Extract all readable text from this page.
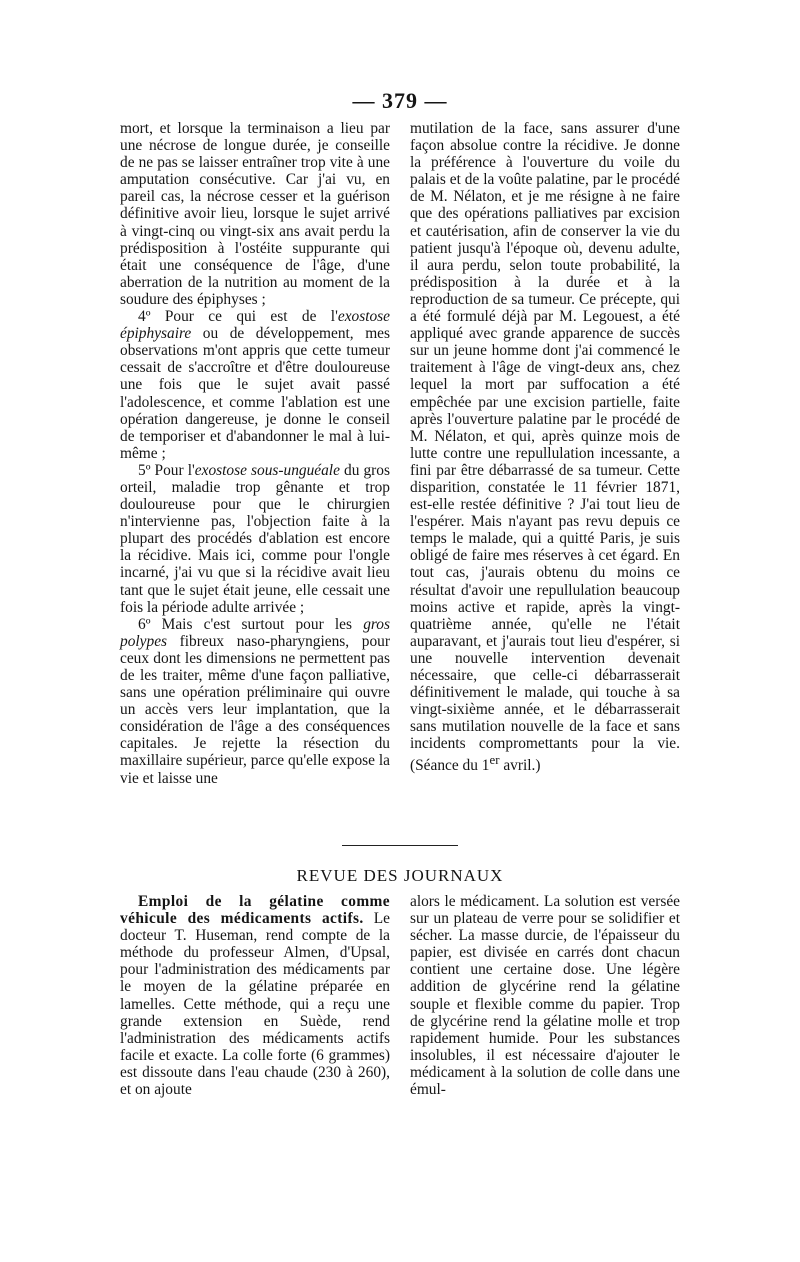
— 379 —

mort, et lorsque la terminaison a lieu par une nécrose de longue durée, je conseille de ne pas se laisser entraîner trop vite à une amputation consécutive. Car j'ai vu, en pareil cas, la nécrose cesser et la guérison définitive avoir lieu, lorsque le sujet arrivé à vingt-cinq ou vingt-six ans avait perdu la prédisposition à l'ostéite suppurante qui était une conséquence de l'âge, d'une aberration de la nutrition au moment de la soudure des épiphyses ;

4º Pour ce qui est de l'exostose épiphysaire ou de développement, mes observations m'ont appris que cette tumeur cessait de s'accroître et d'être douloureuse une fois que le sujet avait passé l'adolescence, et comme l'ablation est une opération dangereuse, je donne le conseil de temporiser et d'abandonner le mal à lui-même ;

5º Pour l'exostose sous-unguéale du gros orteil, maladie trop gênante et trop douloureuse pour que le chirurgien n'intervienne pas, l'objection faite à la plupart des procédés d'ablation est encore la récidive. Mais ici, comme pour l'ongle incarné, j'ai vu que si la récidive avait lieu tant que le sujet était jeune, elle cessait une fois la période adulte arrivée ;

6º Mais c'est surtout pour les gros polypes fibreux naso-pharyngiens, pour ceux dont les dimensions ne permettent pas de les traiter, même d'une façon palliative, sans une opération préliminaire qui ouvre un accès vers leur implantation, que la considération de l'âge a des conséquences capitales. Je rejette la résection du maxillaire supérieur, parce qu'elle expose la vie et laisse une

mutilation de la face, sans assurer d'une façon absolue contre la récidive. Je donne la préférence à l'ouverture du voile du palais et de la voûte palatine, par le procédé de M. Nélaton, et je me résigne à ne faire que des opérations palliatives par excision et cautérisation, afin de conserver la vie du patient jusqu'à l'époque où, devenu adulte, il aura perdu, selon toute probabilité, la prédisposition à la durée et à la reproduction de sa tumeur. Ce précepte, qui a été formulé déjà par M. Legouest, a été appliqué avec grande apparence de succès sur un jeune homme dont j'ai commencé le traitement à l'âge de vingt-deux ans, chez lequel la mort par suffocation a été empêchée par une excision partielle, faite après l'ouverture palatine par le procédé de M. Nélaton, et qui, après quinze mois de lutte contre une repullulation incessante, a fini par être débarrassé de sa tumeur. Cette disparition, constatée le 11 février 1871, est-elle restée définitive ? J'ai tout lieu de l'espérer. Mais n'ayant pas revu depuis ce temps le malade, qui a quitté Paris, je suis obligé de faire mes réserves à cet égard. En tout cas, j'aurais obtenu du moins ce résultat d'avoir une repullulation beaucoup moins active et rapide, après la vingt-quatrième année, qu'elle ne l'était auparavant, et j'aurais tout lieu d'espérer, si une nouvelle intervention devenait nécessaire, que celle-ci débarrasserait définitivement le malade, qui touche à sa vingt-sixième année, et le débarrasserait sans mutilation nouvelle de la face et sans incidents compromettants pour la vie. (Séance du 1er avril.)

REVUE DES JOURNAUX

Emploi de la gélatine comme véhicule des médicaments actifs. Le docteur T. Huseman, rend compte de la méthode du professeur Almen, d'Upsal, pour l'administration des médicaments par le moyen de la gélatine préparée en lamelles. Cette méthode, qui a reçu une grande extension en Suède, rend l'administration des médicaments actifs facile et exacte. La colle forte (6 grammes) est dissoute dans l'eau chaude (230 à 260), et on ajoute

alors le médicament. La solution est versée sur un plateau de verre pour se solidifier et sécher. La masse durcie, de l'épaisseur du papier, est divisée en carrés dont chacun contient une certaine dose. Une légère addition de glycérine rend la gélatine souple et flexible comme du papier. Trop de glycérine rend la gélatine molle et trop rapidement humide. Pour les substances insolubles, il est nécessaire d'ajouter le médicament à la solution de colle dans une émul-
